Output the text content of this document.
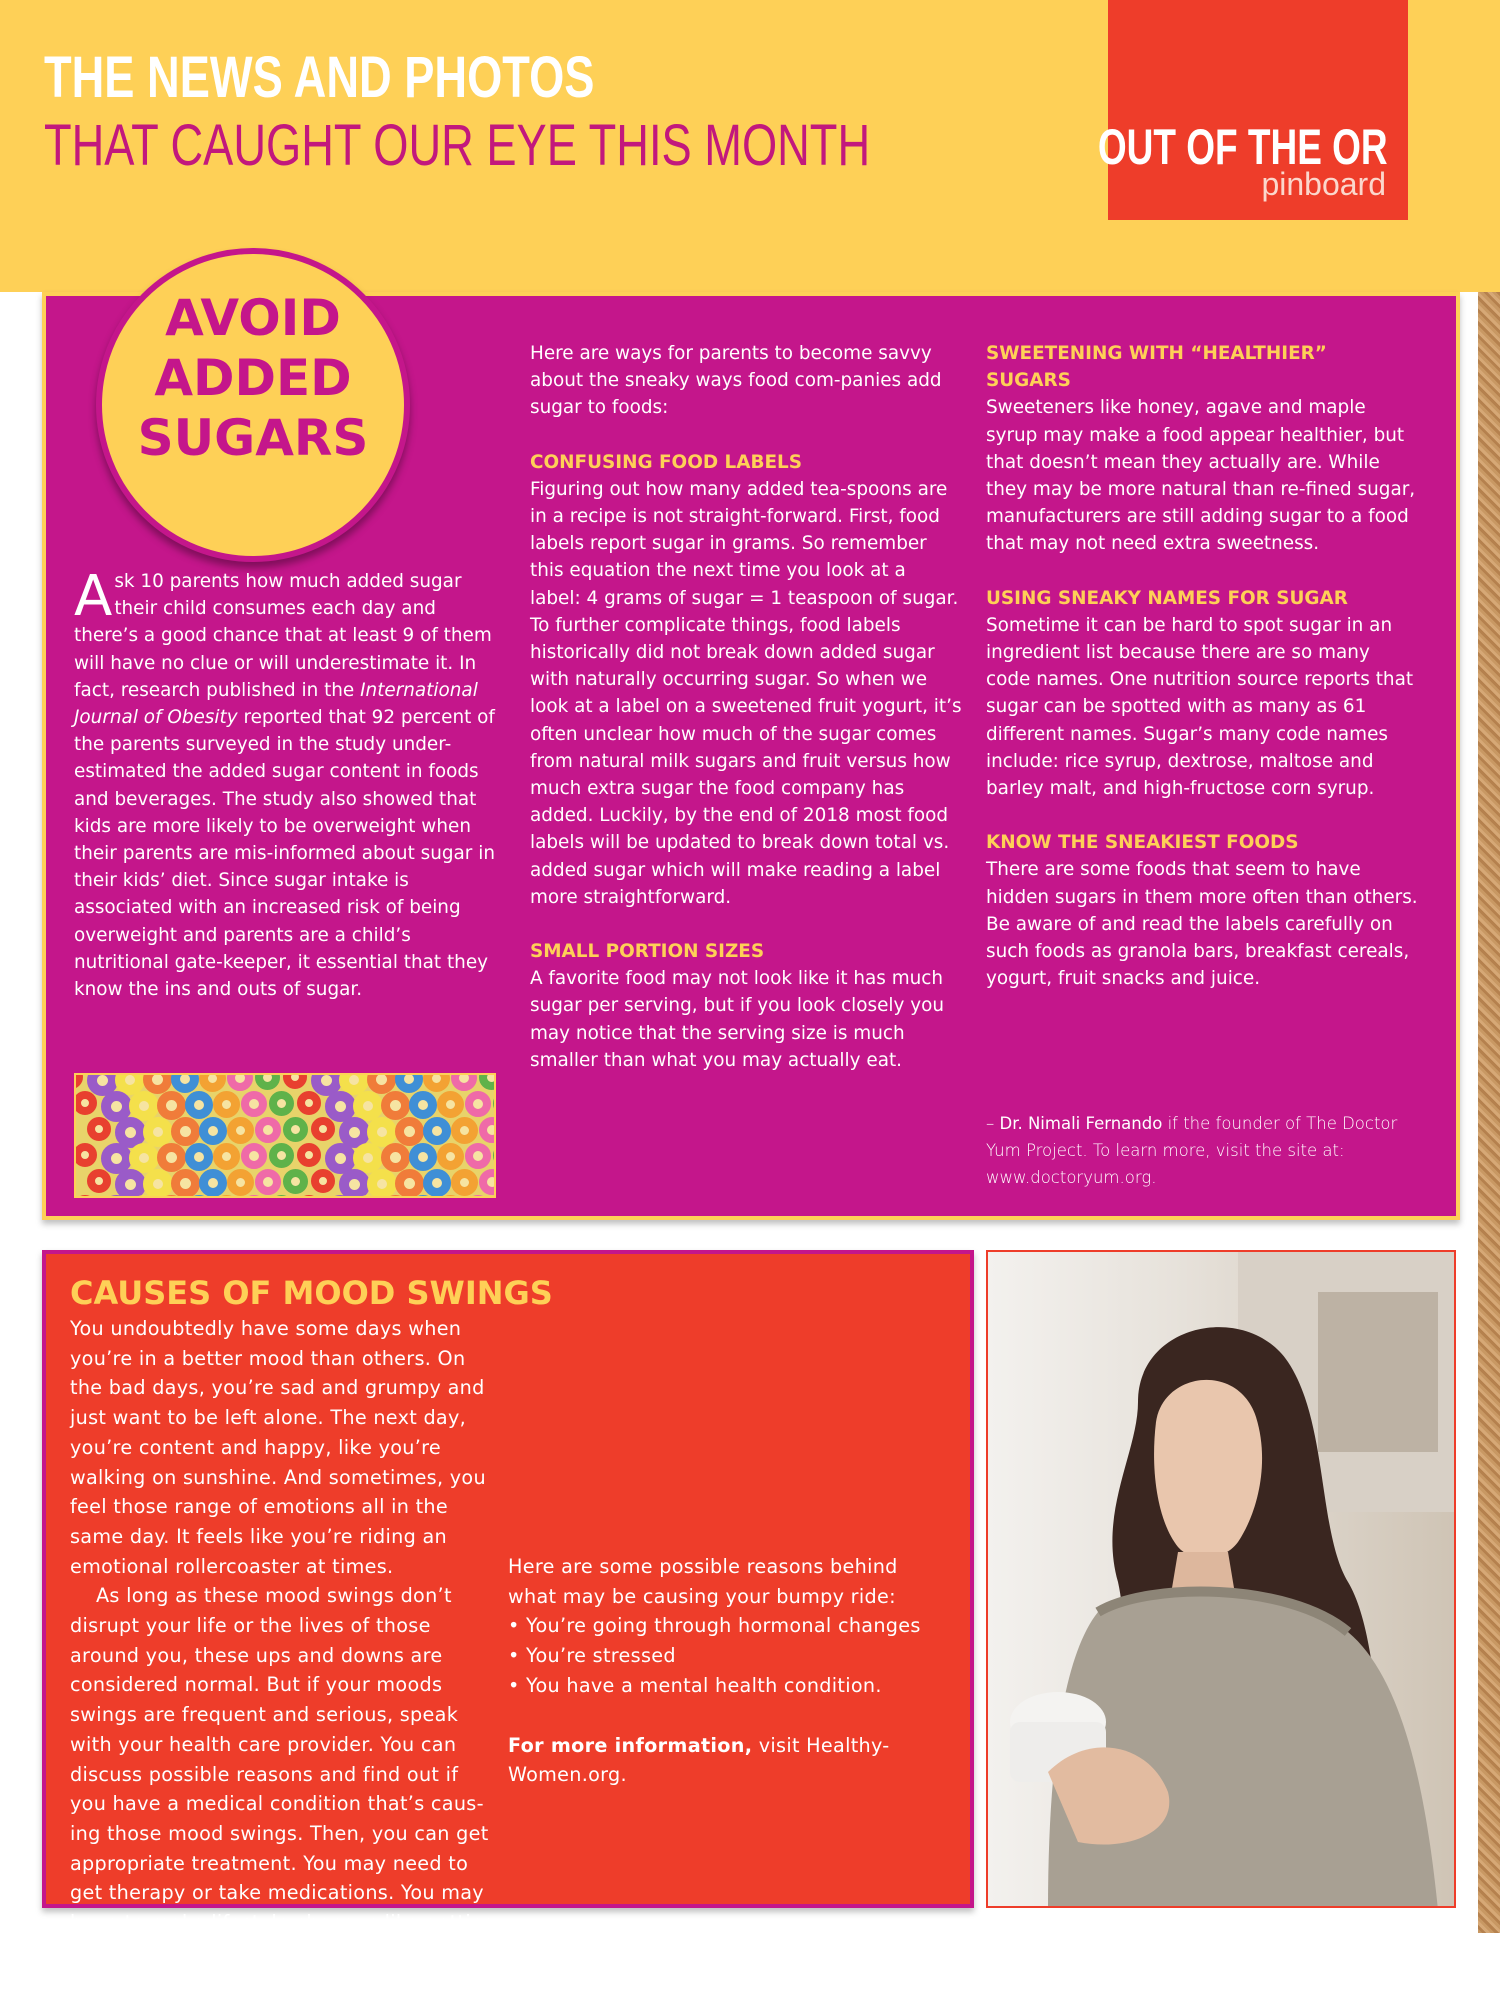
THE NEWS AND PHOTOS
THAT CAUGHT OUR EYE THIS MONTH	OUT OF THE OR
pinboard
AVOID
ADDED
SUGARS

Ask 10 parents how much added sugar their child consumes each day and there’s a good chance that at least 9 of them will have no clue or will underestimate it. In fact, research published in the International Journal of Obesity reported that 92 percent of the parents surveyed in the study under-estimated the added sugar content in foods and beverages. The study also showed that kids are more likely to be overweight when their parents are mis-informed about sugar in their kids’ diet. Since sugar intake is associated with an increased risk of being overweight and parents are a child’s nutritional gate-keeper, it essential that they know the ins and outs of sugar.

Here are ways for parents to become savvy about the sneaky ways food com-panies add sugar to foods:

CONFUSING FOOD LABELS

Figuring out how many added tea-spoons are in a recipe is not straight-forward. First, food labels report sugar in grams. So remember this equation the next time you look at a label: 4 grams of sugar = 1 teaspoon of sugar. To further complicate things, food labels historically did not break down added sugar with naturally occurring sugar. So when we look at a label on a sweetened fruit yogurt, it’s often unclear how much of the sugar comes from natural milk sugars and fruit versus how much extra sugar the food company has added. Luckily, by the end of 2018 most food labels will be updated to break down total vs. added sugar which will make reading a label more straightforward.

SMALL PORTION SIZES

A favorite food may not look like it has much sugar per serving, but if you look closely you may notice that the serving size is much smaller than what you may actually eat.

SWEETENING WITH “HEALTHIER” SUGARS

Sweeteners like honey, agave and maple syrup may make a food appear healthier, but that doesn’t mean they actually are. While they may be more natural than re-fined sugar, manufacturers are still adding sugar to a food that may not need extra sweetness.

USING SNEAKY NAMES FOR SUGAR

Sometime it can be hard to spot sugar in an ingredient list because there are so many code names. One nutrition source reports that sugar can be spotted with as many as 61 different names. Sugar’s many code names include: rice syrup, dextrose, maltose and barley malt, and high-fructose corn syrup.

KNOW THE SNEAKIEST FOODS

There are some foods that seem to have hidden sugars in them more often than others. Be aware of and read the labels carefully on such foods as granola bars, breakfast cereals, yogurt, fruit snacks and juice.

– Dr. Nimali Fernando if the founder of The Doctor Yum Project. To learn more, visit the site at: www.doctoryum.org.
CAUSES OF MOOD SWINGS

You undoubtedly have some days when you’re in a better mood than others. On the bad days, you’re sad and grumpy and just want to be left alone. The next day, you’re content and happy, like you’re walking on sunshine. And sometimes, you feel those range of emotions all in the same day. It feels like you’re riding an emotional rollercoaster at times.

As long as these mood swings don’t disrupt your life or the lives of those around you, these ups and downs are considered normal. But if your moods swings are frequent and serious, speak with your health care provider. You can discuss possible reasons and find out if you have a medical condition that’s caus-ing those mood swings. Then, you can get appropriate treatment. You may need to get therapy or take medications. You may have to make lifestyle changes like getting plenty of exercise and sleeping and eating healthfully.

Here are some possible reasons behind what may be causing your bumpy ride:

• You’re going through hormonal changes

• You’re stressed

• You have a mental health condition.

For more information, visit Healthy-Women.org.
